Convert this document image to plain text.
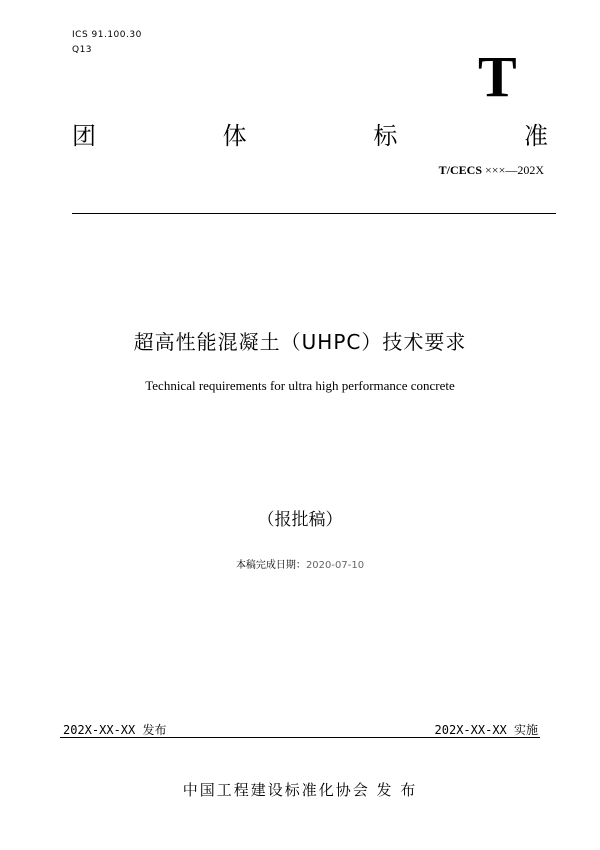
ICS 91.100.30
Q13	T
团	体	标	准
T/CECS ×××—202X
超高性能混凝土（UHPC）技术要求
Technical requirements for ultra high performance concrete
（报批稿）
本稿完成日期：2020-07-10
202X-XX-XX 发布	202X-XX-XX 实施
中国工程建设标准化协会 发 布
